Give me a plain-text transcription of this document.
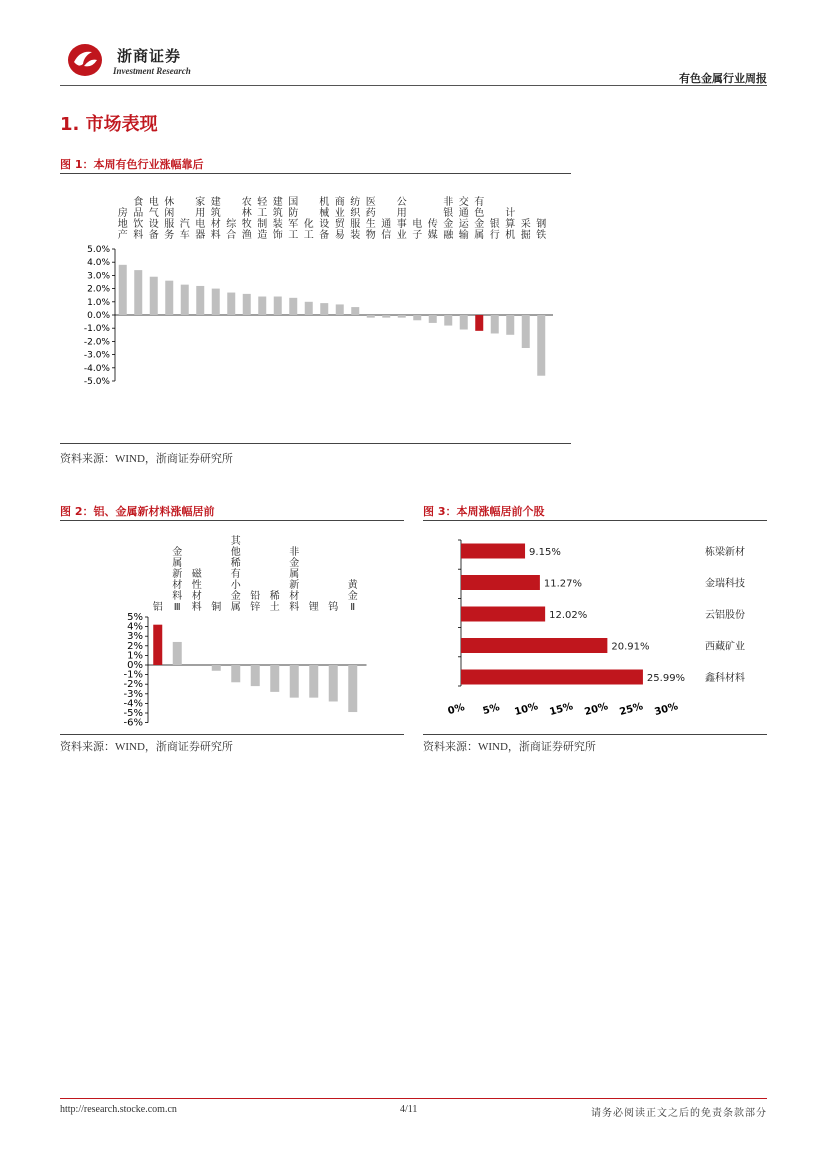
浙商证券
Investment Research
有色金属行业周报
1. 市场表现
图 1：本周有色行业涨幅靠后
5.0%
4.0%
3.0%
2.0%
1.0%
0.0%
-1.0%
-2.0%
-3.0%
-4.0%
-5.0%
房
地
产
食
品
饮
料
电
气
设
备
休
闲
服
务
汽
车
家
用
电
器
建
筑
材
料
综
合
农
林
牧
渔
轻
工
制
造
建
筑
装
饰
国
防
军
工
化
工
机
械
设
备
商
业
贸
易
纺
织
服
装
医
药
生
物
通
信
公
用
事
业
电
子
传
媒
非
银
金
融
交
通
运
输
有
色
金
属
银
行
计
算
机
采
掘
钢
铁
资料来源：WIND，浙商证券研究所
图 2：铝、金属新材料涨幅居前
5%
4%
3%
2%
1%
0%
-1%
-2%
-3%
-4%
-5%
-6%
铝
金
属
新
材
料
Ⅲ
磁
性
材
料 铜
其
他
稀
有
小
金
属
铅
锌
稀
土
非
金
属
新
材
料 锂 钨
黄
金
Ⅱ
资料来源：WIND，浙商证券研究所
图 3：本周涨幅居前个股
9.15%	栋梁新材
11.27%	金瑞科技
12.02%	云铝股份
20.91%	西藏矿业
25.99% 鑫科材料
0% 5% 10% 15% 20% 25% 30%
资料来源：WIND，浙商证券研究所
http://research.stocke.com.cn	4/11	请务必阅读正文之后的免责条款部分
